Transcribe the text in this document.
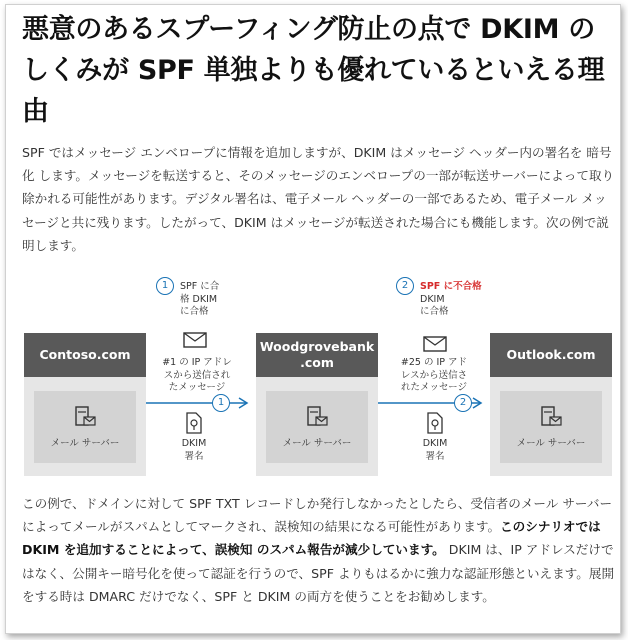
悪意のあるスプーフィング防止の点で DKIM のしくみが SPF 単独よりも優れているといえる理由

SPF ではメッセージ エンベロープに情報を追加しますが、DKIM はメッセージ ヘッダー内の署名を 暗号化 します。メッセージを転送すると、そのメッセージのエンベロープの一部が転送サーバーによって取り除かれる可能性があります。デジタル署名は、電子メール ヘッダーの一部であるため、電子メール メッセージと共に残ります。したがって、DKIM はメッセージが転送された場合にも機能します。次の例で説明します。

Contoso.com
メール サーバー
Woodgrovebank .com
メール サーバー
Outlook.com
メール サーバー
1	SPF に合
格 DKIM
に合格
#1 の IP アドレ
スから送信され
たメッセージ
1
DKIM
署名
2	SPF に不合格
DKIM
に合格
#25 の IP アド
レスから送信さ
れたメッセージ
2
DKIM
署名

この例で、ドメインに対して SPF TXT レコードしか発行しなかったとしたら、受信者のメール サーバーによってメールがスパムとしてマークされ、誤検知の結果になる可能性があります。このシナリオでは DKIM を追加することによって、誤検知 のスパム報告が減少しています。 DKIM は、IP アドレスだけではなく、公開キー暗号化を使って認証を行うので、SPF よりもはるかに強力な認証形態といえます。展開をする時は DMARC だけでなく、SPF と DKIM の両方を使うことをお勧めします。
